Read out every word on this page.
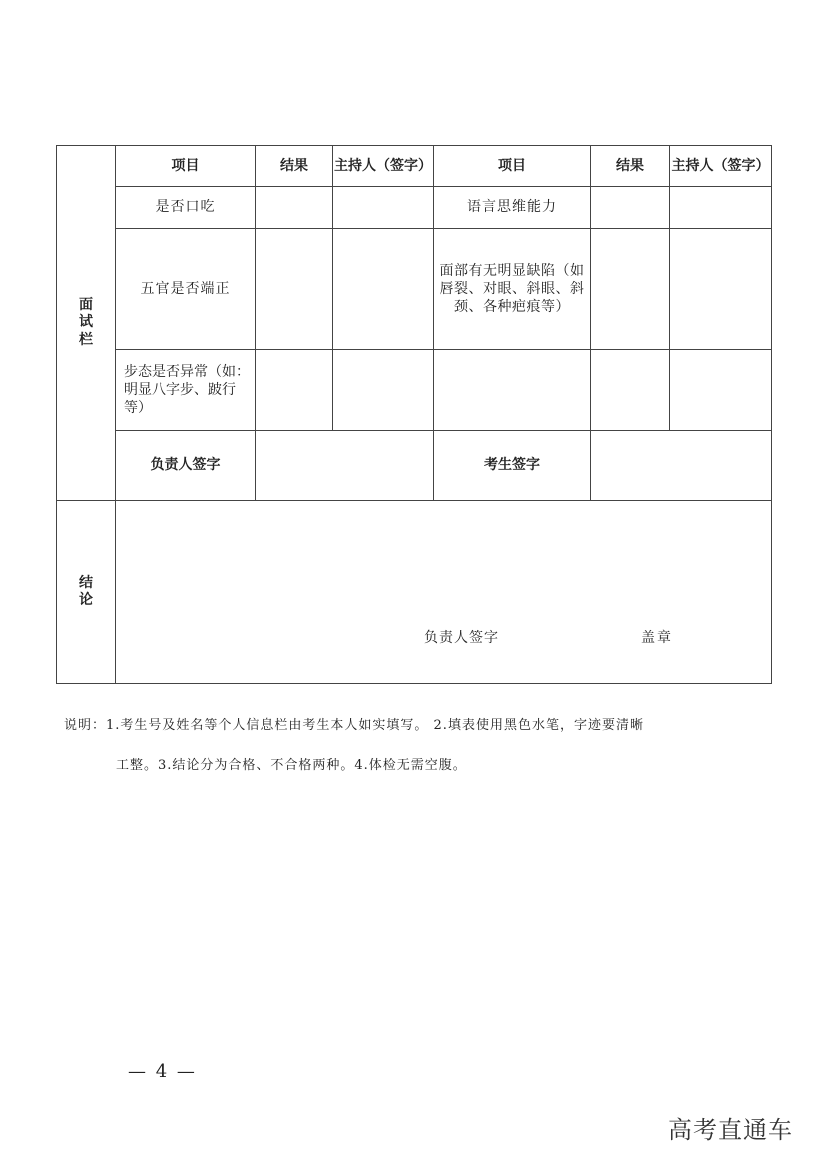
面
试
栏	项目	结果	主持人（签字）	项目	结果	主持人（签字）
	是否口吃			语言思维能力		
	五官是否端正			面部有无明显缺陷（如
唇裂、对眼、斜眼、斜
颈、各种疤痕等）		

	步态是否异常（如：
明显八字步、跛行等）					

	负责人签字			考生签字		

结
论	负责人签字 盖章					
说明：1.考生号及姓名等个人信息栏由考生本人如实填写。 2.填表使用黑色水笔，字迹要清晰
工整。3.结论分为合格、不合格两种。4.体检无需空腹。
— 4 —
高考直通车
